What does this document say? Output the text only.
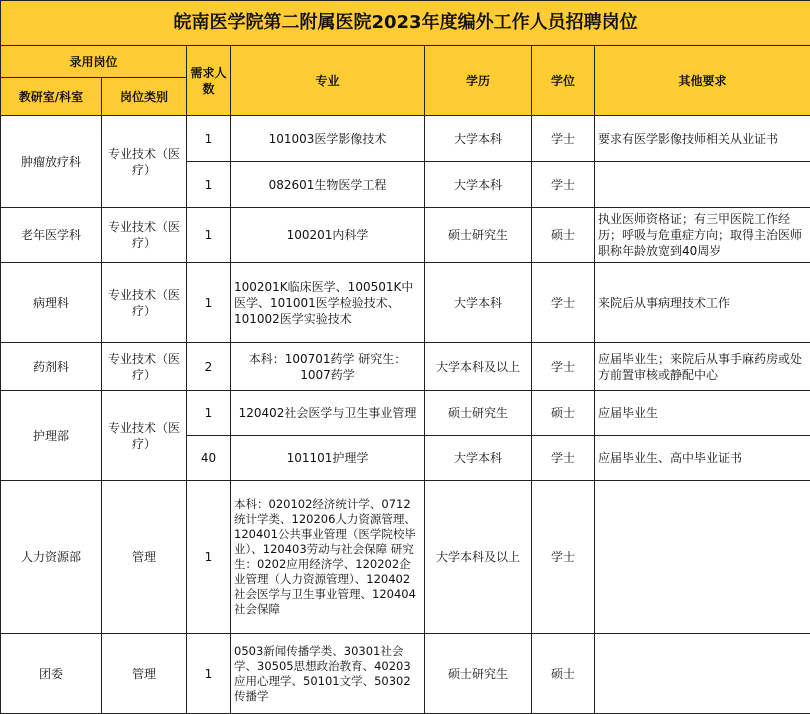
皖南医学院第二附属医院2023年度编外工作人员招聘岗位						
录用岗位		需求人数	专业	学历	学位	其他要求
教研室/科室	岗位类别					
肿瘤放疗科	专业技术（医疗）	1	101003医学影像技术	大学本科	学士	要求有医学影像技师相关从业证书
		1	082601生物医学工程	大学本科	学士	
老年医学科	专业技术（医疗）	1	100201内科学	硕士研究生	硕士	执业医师资格证；有三甲医院工作经历；呼吸与危重症方向；取得主治医师职称年龄放宽到40周岁
病理科	专业技术（医疗）	1	100201K临床医学、100501K中医学、101001医学检验技术、101002医学实验技术	大学本科	学士	来院后从事病理技术工作
药剂科	专业技术（医疗）	2	本科：100701药学 研究生：1007药学	大学本科及以上	学士	应届毕业生；来院后从事手麻药房或处方前置审核或静配中心
护理部	专业技术（医疗）	1	120402社会医学与卫生事业管理	硕士研究生	硕士	应届毕业生
		40	101101护理学	大学本科	学士	应届毕业生、高中毕业证书
人力资源部	管理	1	本科：020102经济统计学、0712统计学类、120206人力资源管理、120401公共事业管理（医学院校毕业）、120403劳动与社会保障 研究生：0202应用经济学、120202企业管理（人力资源管理）、120402社会医学与卫生事业管理、120404社会保障	大学本科及以上	学士	
团委	管理	1	0503新闻传播学类、30301社会学、30505思想政治教育、40203应用心理学、50101文学、50302传播学	硕士研究生	硕士	
